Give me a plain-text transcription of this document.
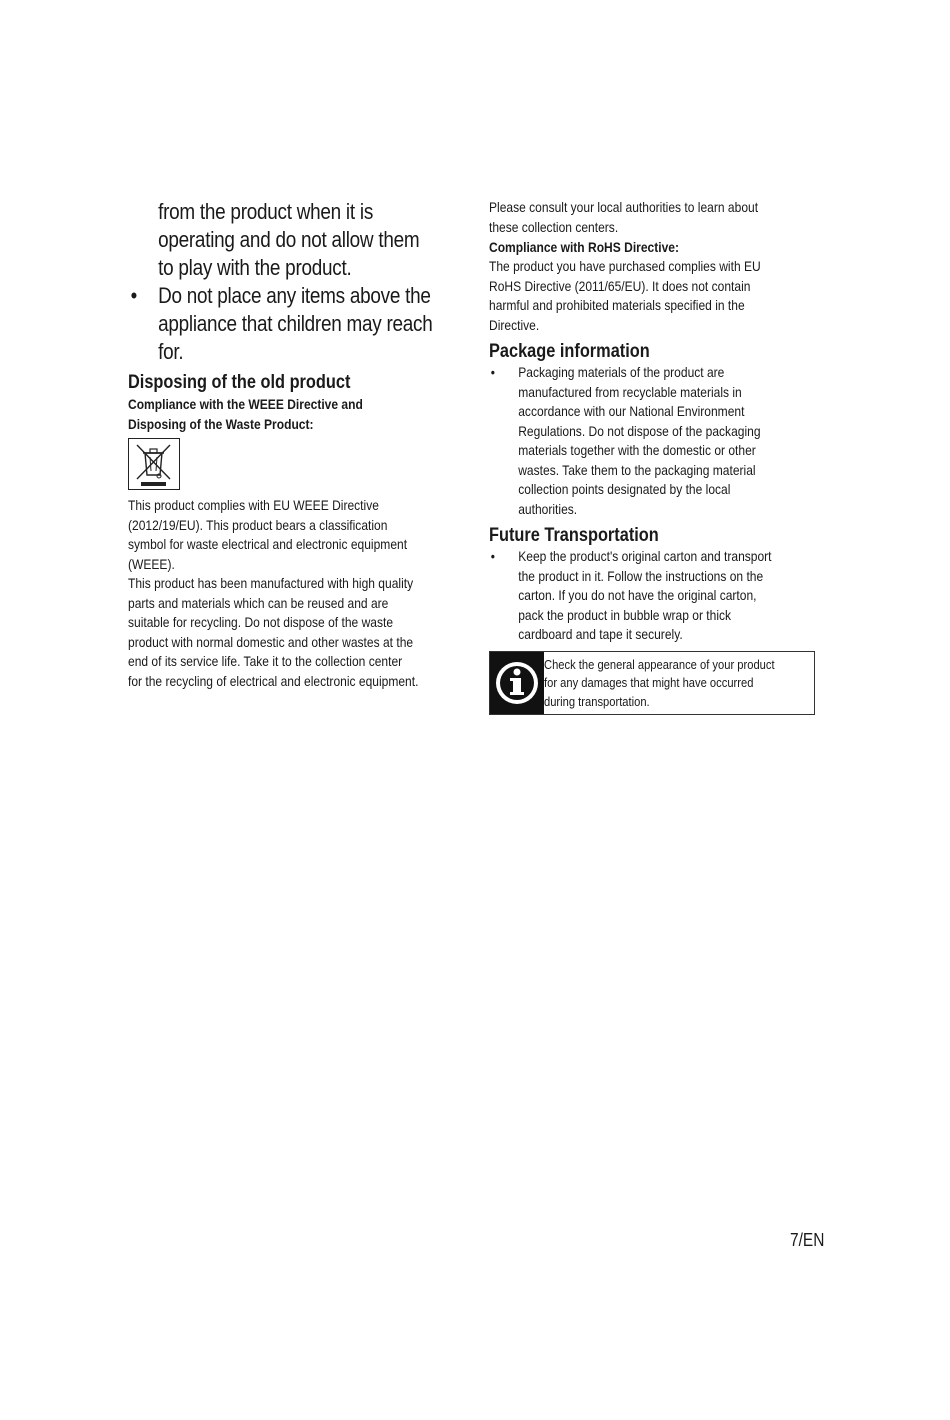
from the product when it is
operating and do not allow them
to play with the product.
• Do not place any items above the
appliance that children may reach
for.
Disposing of the old product
Compliance with the WEEE Directive and
Disposing of the Waste Product:
This product complies with EU WEEE Directive
(2012/19/EU). This product bears a classification
symbol for waste electrical and electronic equipment
(WEEE).
This product has been manufactured with high quality
parts and materials which can be reused and are
suitable for recycling. Do not dispose of the waste
product with normal domestic and other wastes at the
end of its service life. Take it to the collection center
for the recycling of electrical and electronic equipment.
Please consult your local authorities to learn about
these collection centers.
Compliance with RoHS Directive:
The product you have purchased complies with EU
RoHS Directive (2011/65/EU). It does not contain
harmful and prohibited materials specified in the
Directive.
Package information
•	Packaging materials of the product are
manufactured from recyclable materials in
accordance with our National Environment
Regulations. Do not dispose of the packaging
materials together with the domestic or other
wastes. Take them to the packaging material
collection points designated by the local
authorities.
Future Transportation
•	Keep the product's original carton and transport
the product in it. Follow the instructions on the
carton. If you do not have the original carton,
pack the product in bubble wrap or thick
cardboard and tape it securely.
Check the general appearance of your product
for any damages that might have occurred
during transportation.
7/EN
